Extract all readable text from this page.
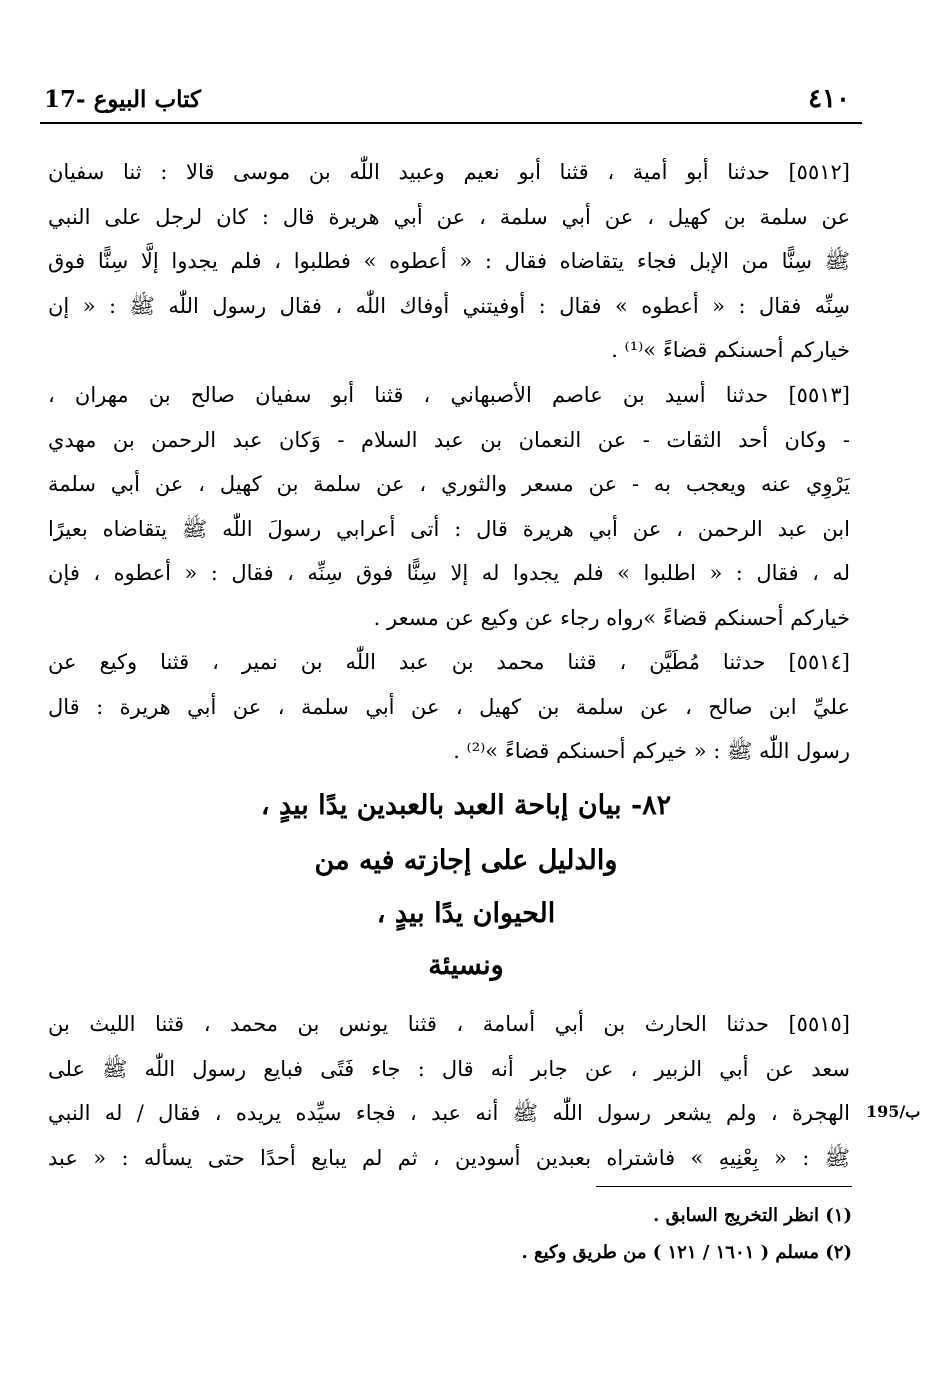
٤١٠
17- كتاب البيوع
[٥٥١٢] حدثنا أبو أمية ، قثنا أبو نعيم وعبيد اللّٰه بن موسى قالا : ثنا سفيان
عن سلمة بن كهيل ، عن أبي سلمة ، عن أبي هريرة قال : كان لرجل على النبي
ﷺ سِنًّا من الإبل فجاء يتقاضاه فقال : « أعطوه » فطلبوا ، فلم يجدوا إلَّا سِنًّا فوق
سِنِّه فقال : « أعطوه » فقال : أوفيتني أوفاك اللّٰه ، فقال رسول اللّٰه ﷺ : « إن
خياركم أحسنكم قضاءً »⁽¹⁾ .
[٥٥١٣] حدثنا أسيد بن عاصم الأصبهاني ، قثنا أبو سفيان صالح بن مهران ،
- وكان أحد الثقات - عن النعمان بن عبد السلام - وَكان عبد الرحمن بن مهدي
يَرْوِي عنه ويعجب به - عن مسعر والثوري ، عن سلمة بن كهيل ، عن أبي سلمة
ابن عبد الرحمن ، عن أبي هريرة قال : أتى أعرابي رسولَ اللّٰه ﷺ يتقاضاه بعيرًا
له ، فقال : « اطلبوا » فلم يجدوا له إلا سِنًّا فوق سِنِّه ، فقال : « أعطوه ، فإن
خياركم أحسنكم قضاءً »رواه رجاء عن وكيع عن مسعر .
[٥٥١٤] حدثنا مُطَيَّن ، قثنا محمد بن عبد اللّٰه بن نمير ، قثنا وكيع عن
عليِّ ابن صالح ، عن سلمة بن كهيل ، عن أبي سلمة ، عن أبي هريرة : قال
رسول اللّٰه ﷺ : « خيركم أحسنكم قضاءً »⁽²⁾ .
٨٢- بيان إباحة العبد بالعبدين يدًا بيدٍ ،
والدليل على إجازته فيه من
الحيوان يدًا بيدٍ ،
ونسيئة
[٥٥١٥] حدثنا الحارث بن أبي أسامة ، قثنا يونس بن محمد ، قثنا الليث بن
سعد عن أبي الزبير ، عن جابر أنه قال : جاء فَتًى فبايع رسول اللّٰه ﷺ على
الهجرة ، ولم يشعر رسول اللّٰه ﷺ أنه عبد ، فجاء سيِّده يريده ، فقال / له النبي
ﷺ : « بِعْنِيهِ » فاشتراه بعبدين أسودين ، ثم لم يبايع أحدًا حتى يسأله : « عبد
195/ب
(١) انظر التخريج السابق .
(٢) مسلم ( ١٦٠١ / ١٢١ ) من طريق وكيع .
